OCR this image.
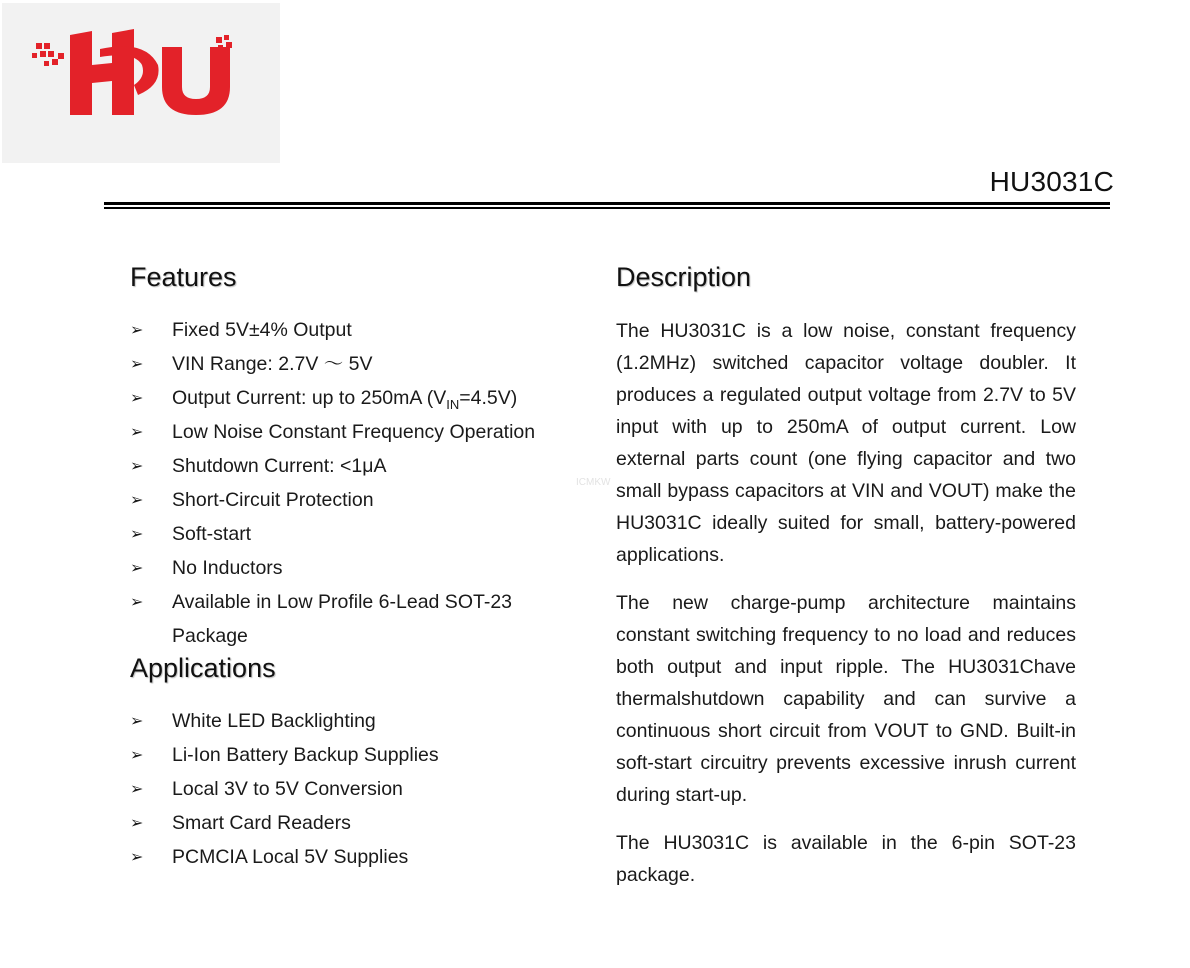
HU3031C
Features
➢ Fixed 5V±4% Output
➢ VIN Range: 2.7V ～ 5V
➢ Output Current: up to 250mA $(V_{IN}=4.5V)$
➢ Low Noise Constant Frequency Operation
➢ Shutdown Current: <1μA
➢ Short-Circuit Protection
➢ Soft-start
➢ No Inductors
➢ Available in Low Profile 6-Lead SOT-23 Package
Applications
➢ White LED Backlighting
➢ Li-Ion Battery Backup Supplies
➢ Local 3V to 5V Conversion
➢ Smart Card Readers
➢ PCMCIA Local 5V Supplies
ICMKW
Description

The HU3031C is a low noise, constant frequency (1.2MHz) switched capacitor voltage doubler. It produces a regulated output voltage from 2.7V to 5V input with up to 250mA of output current. Low external parts count (one flying capacitor and two small bypass capacitors at VIN and VOUT) make the HU3031C ideally suited for small, battery-powered applications.

The new charge-pump architecture maintains constant switching frequency to no load and reduces both output and input ripple. The HU3031Chave thermalshutdown capability and can survive a continuous short circuit from VOUT to GND. Built-in soft-start circuitry prevents excessive inrush current during start-up.

The HU3031C is available in the 6-pin SOT-23 package.
